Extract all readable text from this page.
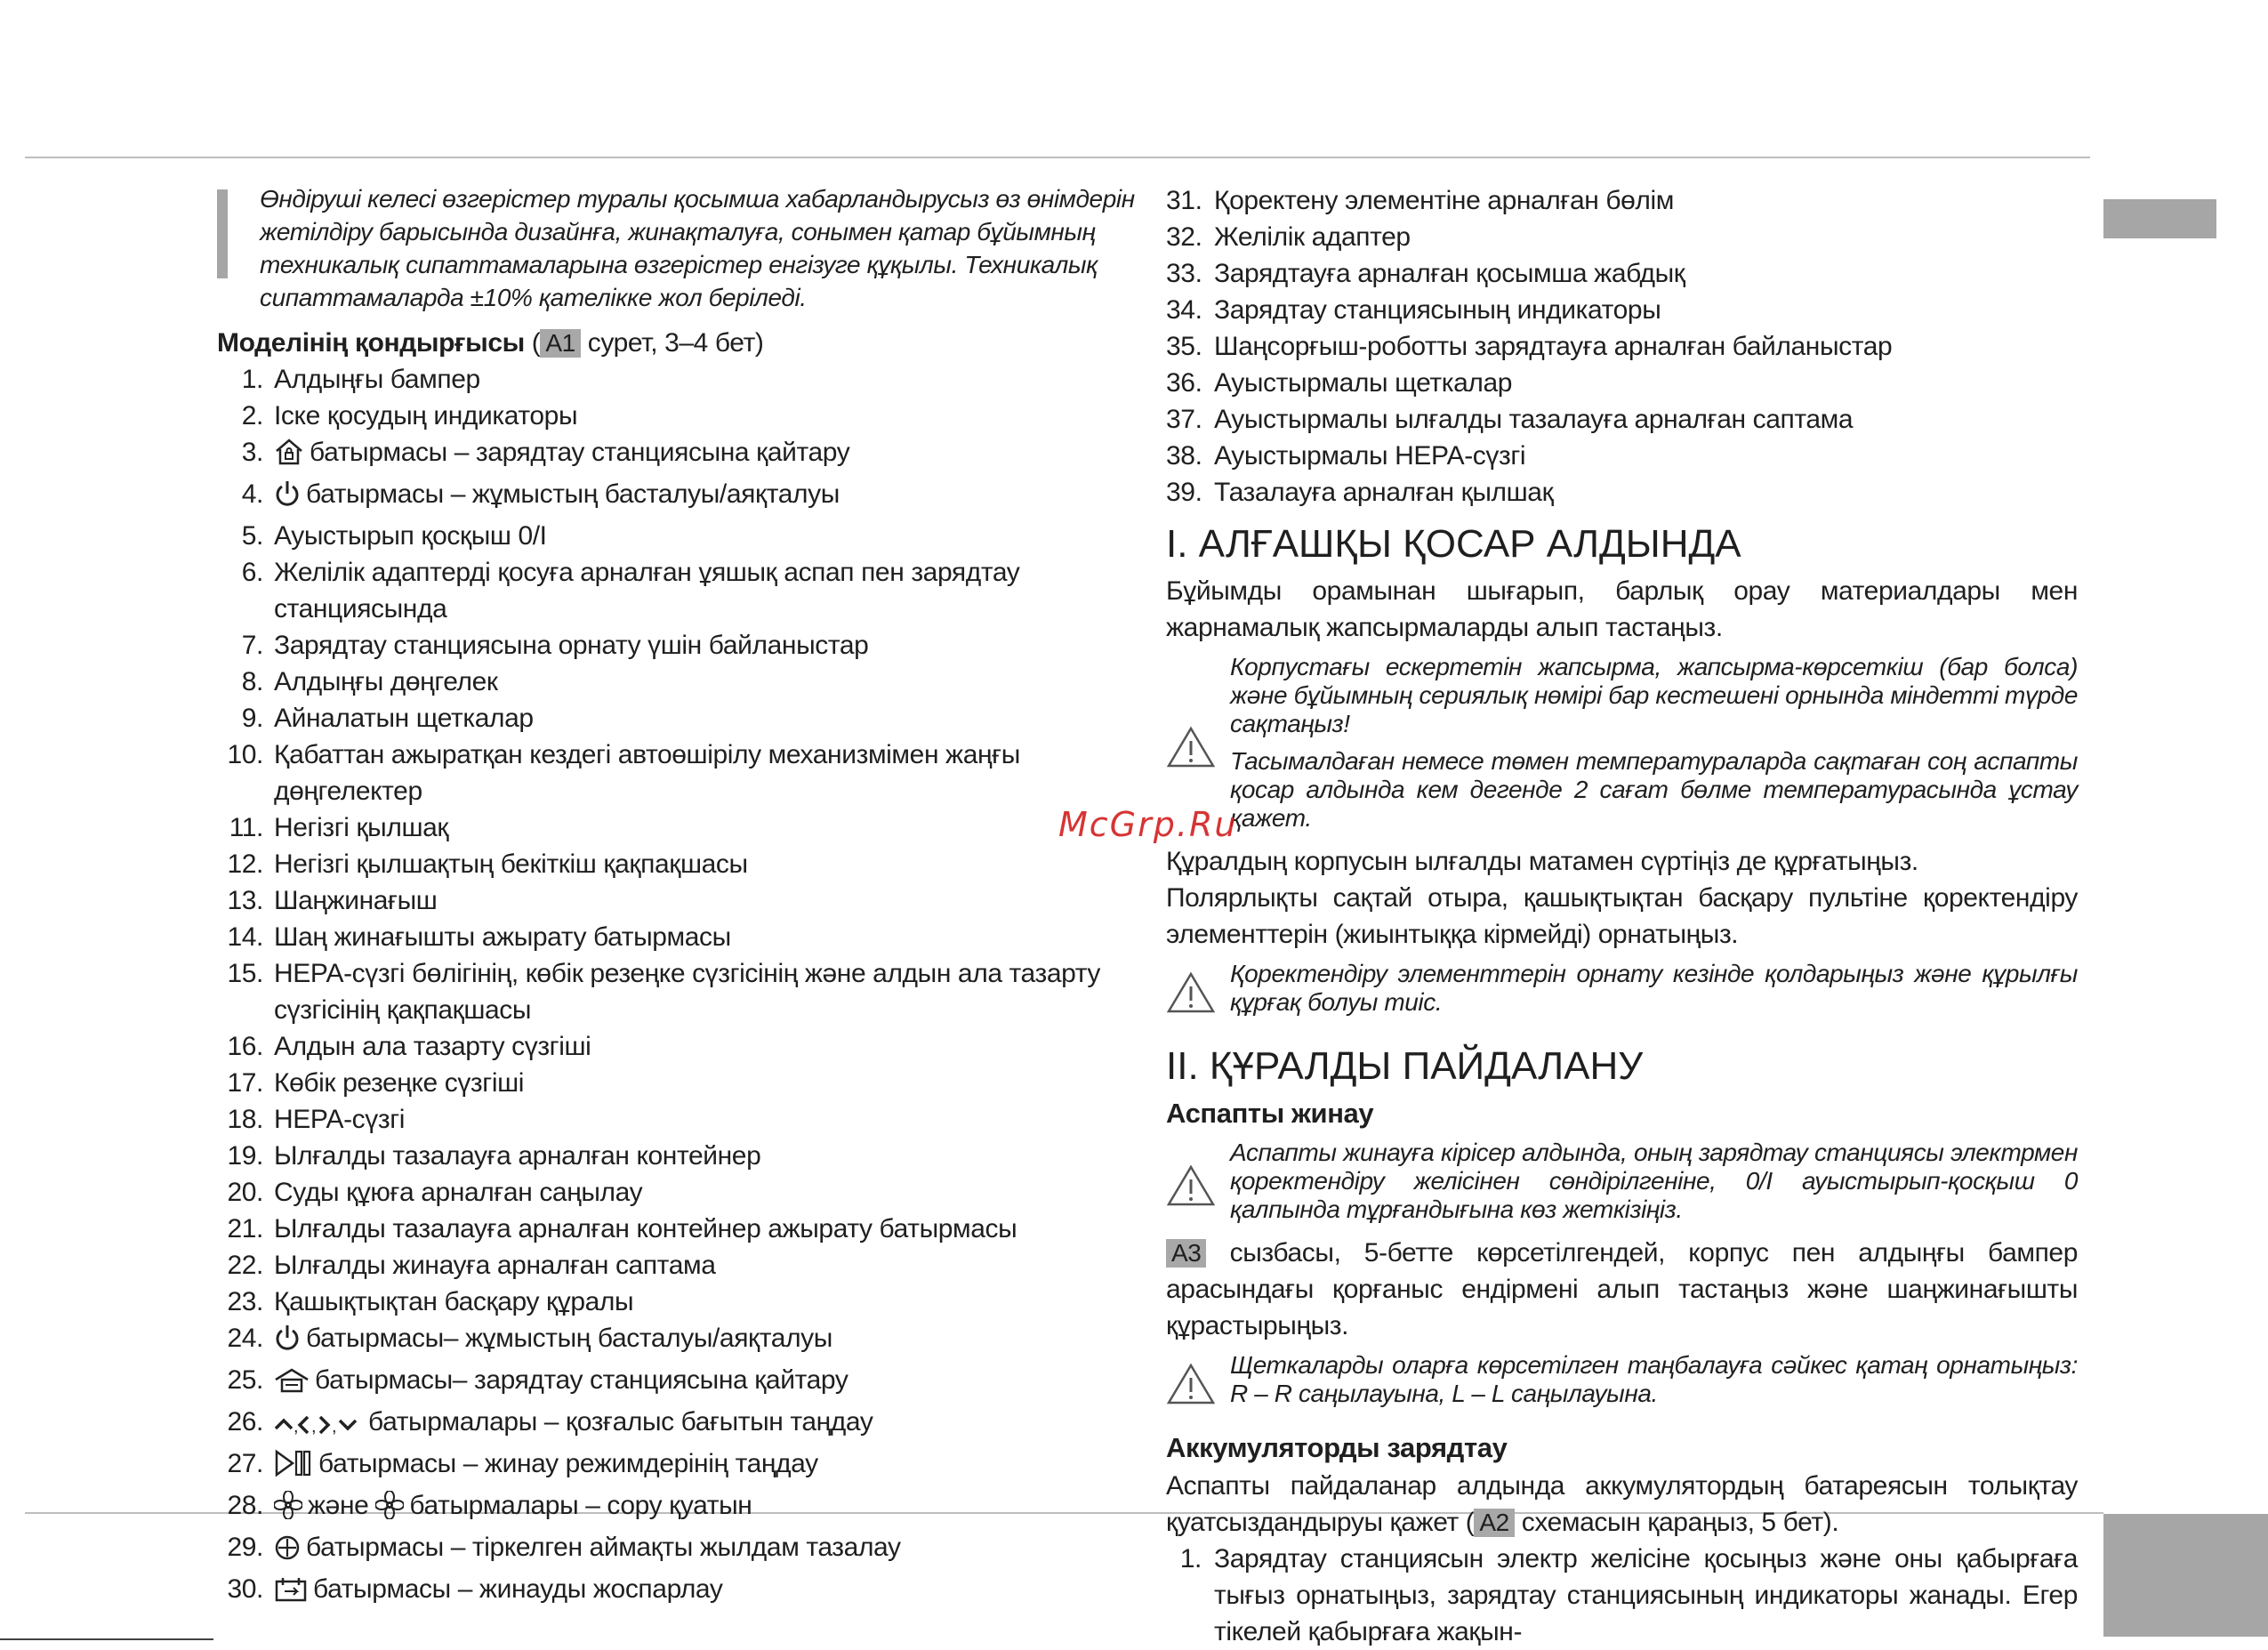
Өндіруші келесі өзгерістер туралы қосымша хабарландырусыз өз өнімдерін жетілдіру барысында дизайнға, жинақталуға, сонымен қатар бұйымның техникалық сипаттамаларына өзгерістер енгізуге құқылы. Техникалық сипаттамаларда ±10% қателікке жол беріледі.
Моделінің қондырғысы ( A1 сурет, 3–4 бет)
1. Алдыңғы бампер
2. Іске қосудың индикаторы
3.	батырмасы – зарядтау станциясына қайтару
4.	батырмасы – жұмыстың басталуы/аяқталуы
5. Ауыстырып қосқыш 0/I
6. Желілік адаптерді қосуға арналған ұяшық аспап пен зарядтау станциясында
7. Зарядтау станциясына орнату үшін байланыстар
8. Алдыңғы дөңгелек
9. Айналатын щеткалар
10. Қабаттан ажыратқан кездегі автоөшірілу механизмімен жаңғы дөңгелектер
11. Негізгі қылшақ
12. Негізгі қылшақтың бекіткіш қақпақшасы
13. Шаңжинағыш
14. Шаң жинағышты ажырату батырмасы
15. НЕРА-сүзгі бөлігінің, көбік резеңке сүзгісінің және алдын ала тазарту сүзгісінің қақпақшасы
16. Алдын ала тазарту сүзгіші
17. Көбік резеңке сүзгіші
18. НЕРА-сүзгі
19. Ылғалды тазалауға арналған контейнер
20. Суды құюға арналған саңылау
21. Ылғалды тазалауға арналған контейнер ажырату батырмасы
22. Ылғалды жинауға арналған саптама
23. Қашықтықтан басқару құралы
24.	батырмасы– жұмыстың басталуы/аяқталуы
25.	батырмасы– зарядтау станциясына қайтару
26.	, , , батырмалары – қозғалыс бағытын таңдау
27.	батырмасы – жинау режимдерінің таңдау
28.	және батырмалары – сору қуатын
29.	батырмасы – тіркелген аймақты жылдам тазалау
30.	батырмасы – жинауды жоспарлау
31. Қоректену элементіне арналған бөлім
32. Желілік адаптер
33. Зарядтауға арналған қосымша жабдық
34. Зарядтау станциясының индикаторы
35. Шаңсорғыш-роботты зарядтауға арналған байланыстар
36. Ауыстырмалы щеткалар
37. Ауыстырмалы ылғалды тазалауға арналған саптама
38. Ауыстырмалы НЕРА-сүзгі
39. Тазалауға арналған қылшақ
I. АЛҒАШҚЫ ҚОСАР АЛДЫНДА

Бұйымды орамынан шығарып, барлық орау материалдары мен жарнамалық жапсырмаларды алып тастаңыз.

Корпустағы ескертетін жапсырма, жапсырма-көрсеткіш (бар болса) және бұйымның сериялық нөмірі бар кестешені орнында міндетті түрде сақтаңыз!

Тасымалдаған немесе төмен температураларда сақтаған соң аспапты қосар алдында кем дегенде 2 сағат бөлме температурасында ұстау қажет.

Құралдың корпусын ылғалды матамен сүртіңіз де құрғатыңыз.

Полярлықты сақтай отыра, қашықтықтан басқару пультіне қоректендіру элементтерін (жиынтыққа кірмейді) орнатыңыз.

Қоректендіру элементтерін орнату кезінде қолдарыңыз және құрылғы құрғақ болуы тиіс.

II. ҚҰРАЛДЫ ПАЙДАЛАНУ
Аспапты жинау

Аспапты жинауға кірісер алдында, оның зарядтау станциясы электрмен қоректендіру желісінен сөндірілгеніне, 0/I ауыстырып-қосқыш 0 қалпында тұрғандығына көз жеткізіңіз.

A3 сызбасы, 5-бетте көрсетілгендей, корпус пен алдыңғы бампер арасындағы қорғаныс ендірмені алып тастаңыз және шаңжинағышты құрастырыңыз.

Щеткаларды оларға көрсетілген таңбалауға сәйкес қатаң орнатыңыз: R – R саңылауына, L – L саңылауына.

Аккумуляторды зарядтау

Аспапты пайдаланар алдында аккумулятордың батареясын толықтау қуатсыздандыруы қажет ( A2 схемасын қараңыз, 5 бет).

1. Зарядтау станциясын электр желісіне қосыңыз және оны қабырғаға тығыз орнатыңыз, зарядтау станциясының индикаторы жанады. Егер тікелей қабырғаға жақын-
McGrp.Ru
